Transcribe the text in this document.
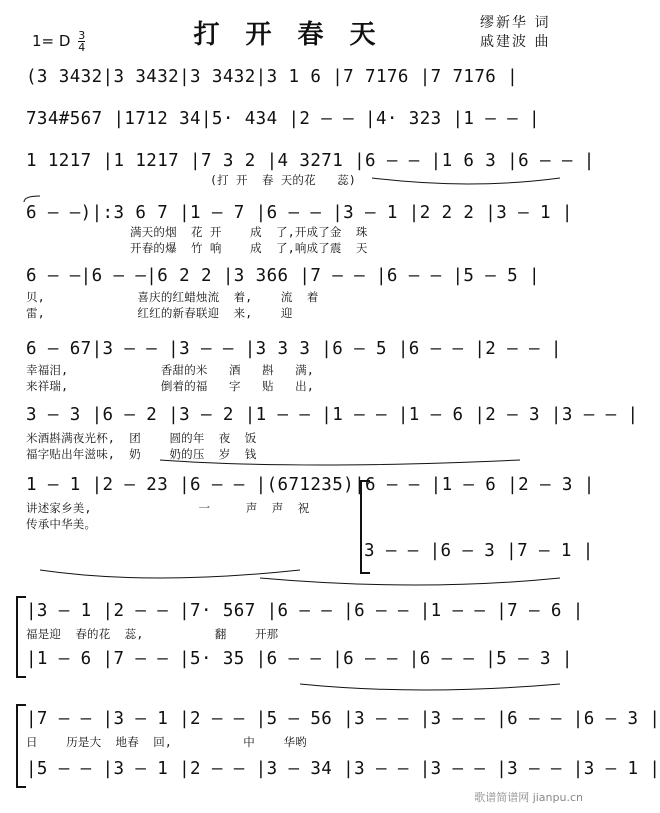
1= D $\frac{3}{4}$	打开春天	缪新华 词
戚建波 曲
(3 3432|3 3432|3 3432|3 1 6 |7 7176 |7 7176 |
734#567 |1712 34|5· 434 |2 — — |4· 323 |1 — — |
1 1217 |1 1217 |7 3 2 |4 3271 |6 — — |1 6 3 |6 — — |
(打 开  春 天的花   蕊)
6 — —)|:3 6 7 |1 — 7 |6 — — |3 — 1 |2 2 2 |3 — 1 |
满天的烟  花 开    成  了,开成了金  珠
开春的爆  竹 响    成  了,响成了震  天
6 — —|6 — —|6 2 2 |3 366 |7 — — |6 — — |5 — 5 |
贝,             喜庆的红蜡烛流  着,    流  着
雷,             红红的新春联迎  来,    迎
6 — 67|3 — — |3 — — |3 3 3 |6 — 5 |6 — — |2 — — |
幸福泪,             香甜的米   酒   斟   满,
来祥瑞,             倒着的福   字   贴   出,
3 — 3 |6 — 2 |3 — 2 |1 — — |1 — — |1 — 6 |2 — 3 |3 — — |
米酒斟满夜光杯,  团    圆的年  夜  饭
福字贴出年滋味,  奶    奶的压  岁  钱
1 — 1 |2 — 23 |6 — — |(671235)|6 — — |1 — 6 |2 — 3 |
讲述家乡美,               一     声  声  祝
传承中华美。
3 — — |6 — 3 |7 — 1 |
|3 — 1 |2 — — |7· 567 |6 — — |6 — — |1 — — |7 — 6 |
福是迎  春的花  蕊,          翻    开那
|1 — 6 |7 — — |5· 35 |6 — — |6 — — |6 — — |5 — 3 |
|7 — — |3 — 1 |2 — — |5 — 56 |3 — — |3 — — |6 — — |6 — 3 |
日    历是大  地春  回,          中    华哟
|5 — — |3 — 1 |2 — — |3 — 34 |3 — — |3 — — |3 — — |3 — 1 |
歌谱简谱网 jianpu.cn
